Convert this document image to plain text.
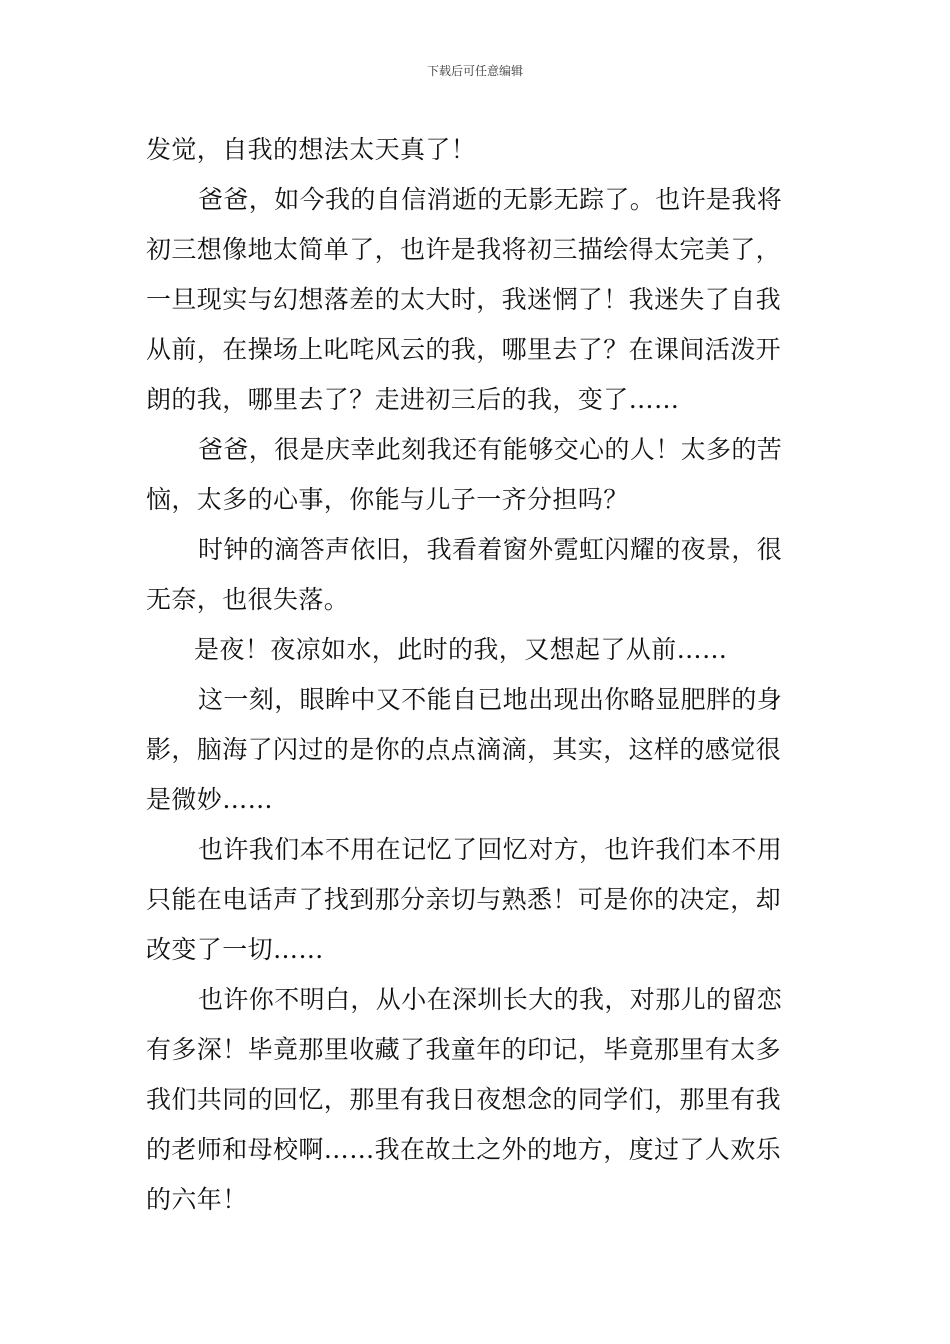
下载后可任意编辑
发觉，自我的想法太天真了！
爸爸，如今我的自信消逝的无影无踪了。也许是我将
初三想像地太简单了，也许是我将初三描绘得太完美了，
一旦现实与幻想落差的太大时，我迷惘了！我迷失了自我
从前，在操场上叱咤风云的我，哪里去了？在课间活泼开
朗的我，哪里去了？走进初三后的我，变了……
爸爸，很是庆幸此刻我还有能够交心的人！太多的苦
恼，太多的心事，你能与儿子一齐分担吗？
时钟的滴答声依旧，我看着窗外霓虹闪耀的夜景，很
无奈，也很失落。
是夜！夜凉如水，此时的我，又想起了从前……
这一刻，眼眸中又不能自已地出现出你略显肥胖的身
影，脑海了闪过的是你的点点滴滴，其实，这样的感觉很
是微妙……
也许我们本不用在记忆了回忆对方，也许我们本不用
只能在电话声了找到那分亲切与熟悉！可是你的决定，却
改变了一切……
也许你不明白，从小在深圳长大的我，对那儿的留恋
有多深！毕竟那里收藏了我童年的印记，毕竟那里有太多
我们共同的回忆，那里有我日夜想念的同学们，那里有我
的老师和母校啊……我在故土之外的地方，度过了人欢乐
的六年！
